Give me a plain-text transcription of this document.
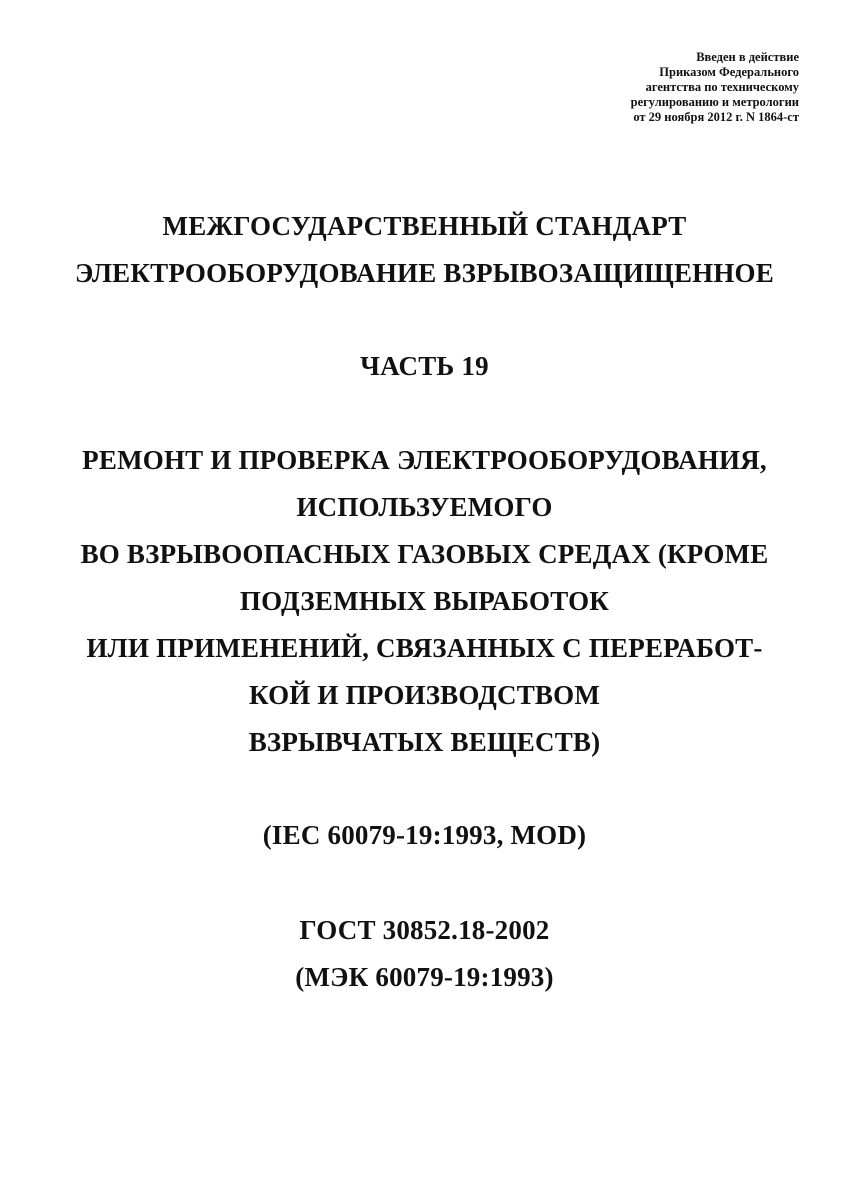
Введен в действие
Приказом Федерального
агентства по техническому
регулированию и метрологии
от 29 ноября 2012 г. N 1864-ст
МЕЖГОСУДАРСТВЕННЫЙ СТАНДАРТ
ЭЛЕКТРООБОРУДОВАНИЕ ВЗРЫВОЗАЩИЩЕННОЕ
ЧАСТЬ 19
РЕМОНТ И ПРОВЕРКА ЭЛЕКТРООБОРУДОВАНИЯ,
ИСПОЛЬЗУЕМОГО
ВО ВЗРЫВООПАСНЫХ ГАЗОВЫХ СРЕДАХ (КРОМЕ
ПОДЗЕМНЫХ ВЫРАБОТОК
ИЛИ ПРИМЕНЕНИЙ, СВЯЗАННЫХ С ПЕРЕРАБОТ-
КОЙ И ПРОИЗВОДСТВОМ
ВЗРЫВЧАТЫХ ВЕЩЕСТВ)
(IEC 60079-19:1993, MOD)
ГОСТ 30852.18-2002
(МЭК 60079-19:1993)
